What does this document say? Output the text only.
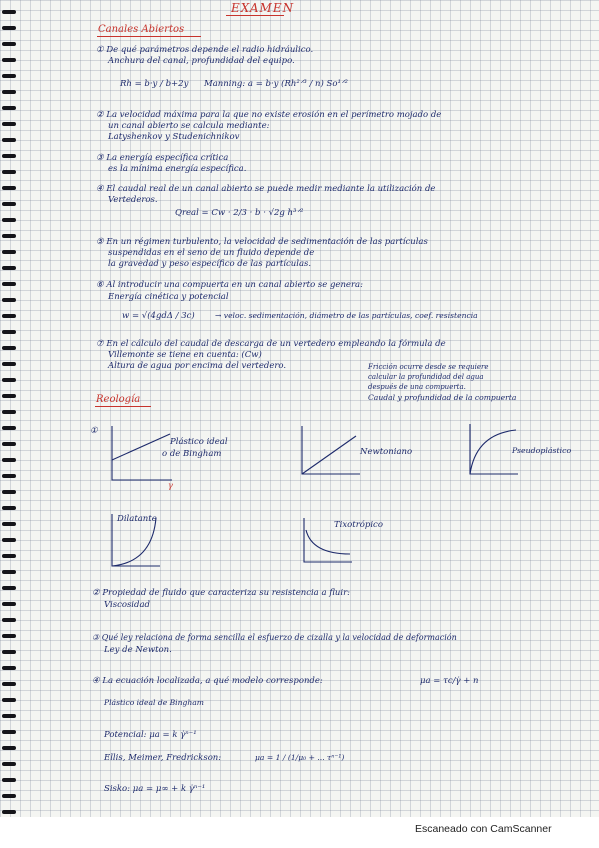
EXAMEN
Canales Abiertos
① De qué parámetros depende el radio hidráulico.
Anchura del canal, profundidad del equipo.
Rh = b·y / b+2y Manning: a = b·y (Rh²ᐟ³ / n) So¹ᐟ²
② La velocidad máxima para la que no existe erosión en el perímetro mojado de
un canal abierto se calcula mediante:
Latyshenkov y Studenichnikov
③ La energía específica crítica
es la mínima energía específica.
④ El caudal real de un canal abierto se puede medir mediante la utilización de
Vertederos.
Qreal = Cw · 2/3 · b · √2g h³ᐟ²
⑤ En un régimen turbulento, la velocidad de sedimentación de las partículas
suspendidas en el seno de un fluido depende de
la gravedad y peso específico de las partículas.
⑥ Al introducir una compuerta en un canal abierto se genera:
Energía cinética y potencial
w = √(4gdΔ / 3c)	→ veloc. sedimentación, diámetro de las partículas, coef. resistencia
⑦ En el cálculo del caudal de descarga de un vertedero empleando la fórmula de
Villemonte se tiene en cuenta: (Cw)
Altura de agua por encima del vertedero.	Fricción ocurre desde se requiere
calcular la profundidad del agua
después de una compuerta.
Caudal y profundidad de la compuerta
Reología
①
γ
Plástico ideal
o de Bingham	Newtoniano	Pseudoplástico
Dilatante
Tixotrópico
② Propiedad de fluido que caracteriza su resistencia a fluir:
Viscosidad
③ Qué ley relaciona de forma sencilla el esfuerzo de cizalla y la velocidad de deformación
Ley de Newton.
④ La ecuación localizada, a qué modelo corresponde:	μa = τc/γ̇ + n
Plástico ideal de Bingham
Potencial: μa = k γ̇ⁿ⁻¹
Ellis, Meimer, Fredrickson:	μa = 1 / (1/μ₀ + ... τⁿ⁻¹)
Sisko: μa = μ∞ + k γ̇ⁿ⁻¹
Escaneado con CamScanner
